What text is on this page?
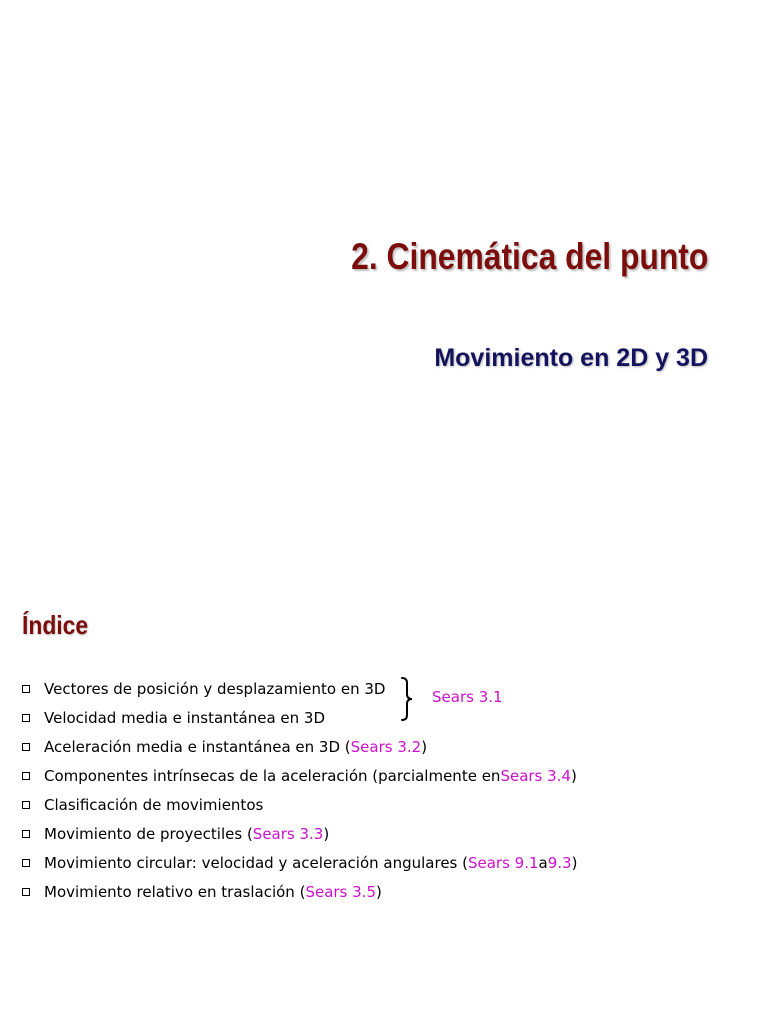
2. Cinemática del punto
Movimiento en 2D y 3D
Índice
Vectores de posición y desplazamiento en 3D
Velocidad media e instantánea en 3D
Aceleración media e instantánea en 3D ( Sears 3.2 )
Componentes intrínsecas de la aceleración (parcialmente en Sears 3.4 )
Clasificación de movimientos
Movimiento de proyectiles ( Sears 3.3 )
Movimiento circular: velocidad y aceleración angulares ( Sears 9.1 a 9.3 )
Movimiento relativo en traslación ( Sears 3.5 )
Sears 3.1
